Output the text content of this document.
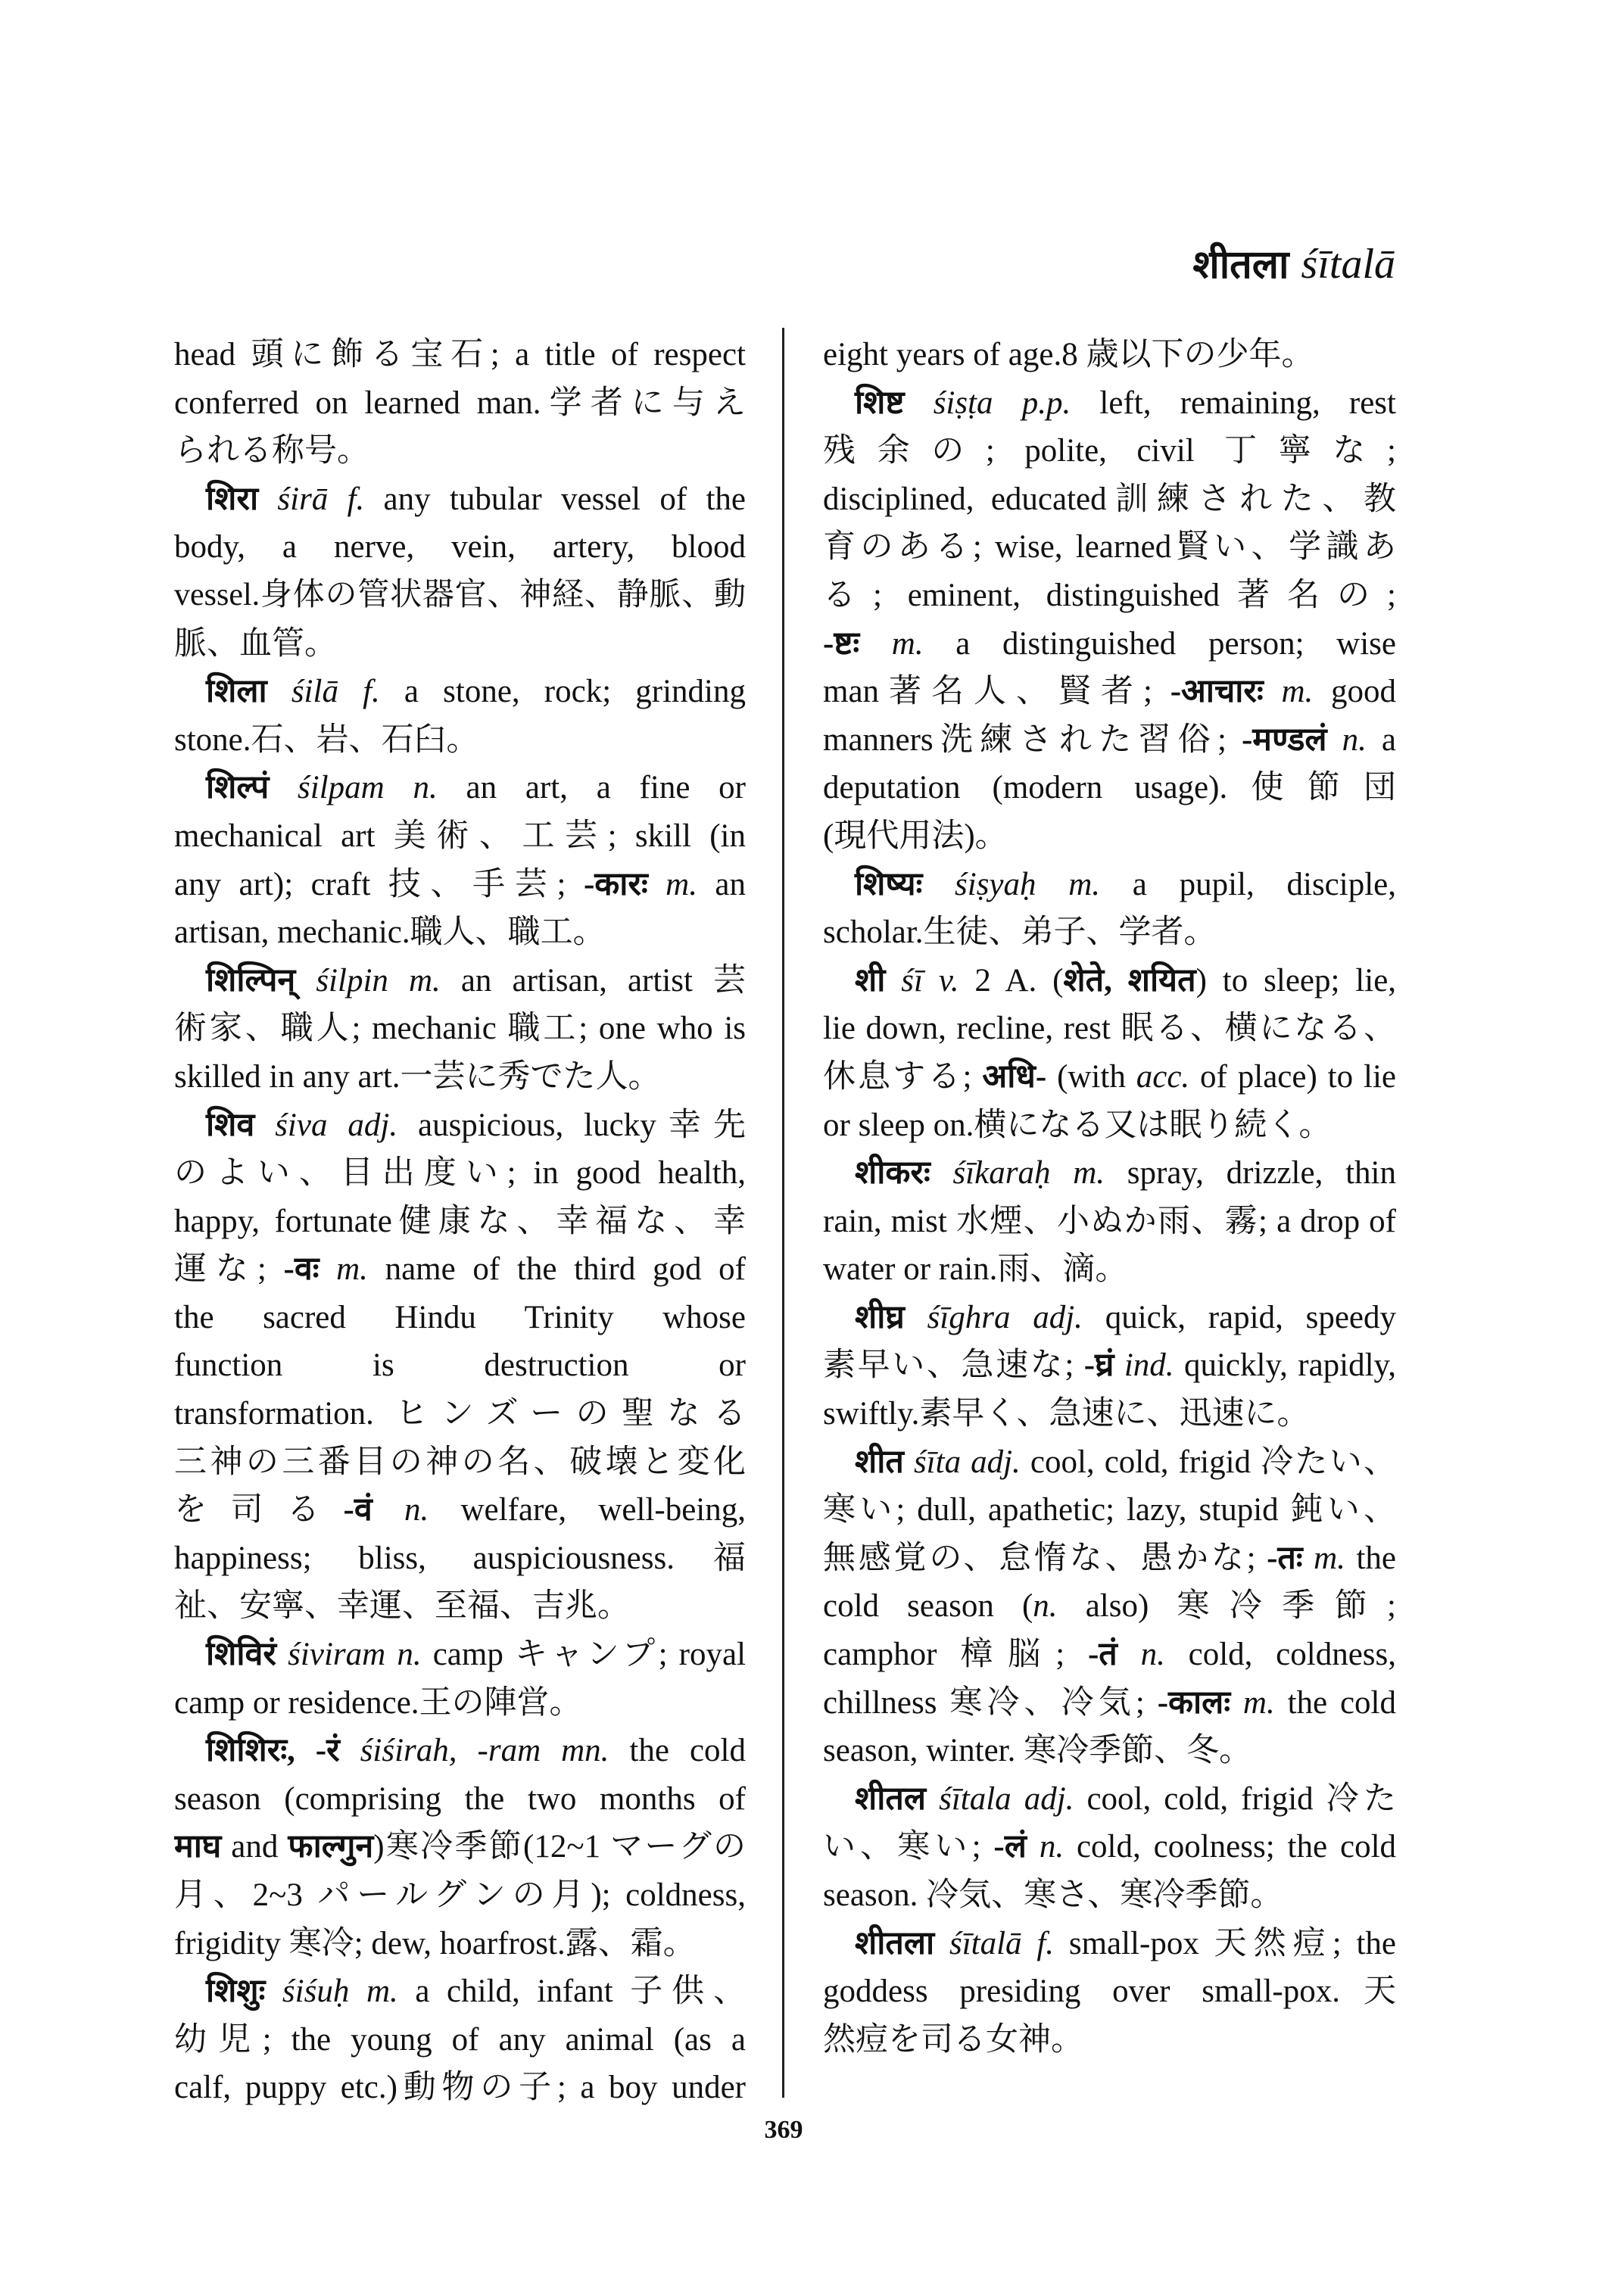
शीतला śītalā
head 頭に飾る宝石; a title of respect
conferred on learned man.学者に与え
られる称号。
शिरा śirā f. any tubular vessel of the
body, a nerve, vein, artery, blood
vessel.身体の管状器官、神経、静脈、動
脈、血管。
शिला śilā f. a stone, rock; grinding
stone.石、岩、石臼。
शिल्पं śilpam n. an art, a fine or
mechanical art 美術、工芸; skill (in
any art); craft 技、手芸; -कारः m. an
artisan, mechanic.職人、職工。
शिल्पिन् śilpin m. an artisan, artist 芸
術家、職人; mechanic 職工; one who is
skilled in any art.一芸に秀でた人。
शिव śiva adj. auspicious, lucky幸先
のよい、目出度い; in good health,
happy, fortunate健康な、幸福な、幸
運な; -वः m. name of the third god of
the sacred Hindu Trinity whose
function is destruction or
transformation. ヒンズーの聖なる
三神の三番目の神の名、破壊と変化
を司る-वं n. welfare, well-being,
happiness; bliss, auspiciousness.福
祉、安寧、幸運、至福、吉兆。
शिविरं śiviram n. camp キャンプ; royal
camp or residence.王の陣営。
शिशिरः, -रं śiśirah, -ram mn. the cold
season (comprising the two months of
माघ and फाल्गुन)寒冷季節(12~1 マーグの
月、2~3 パールグンの月); coldness,
frigidity 寒冷; dew, hoarfrost.露、霜。
शिशुः śiśuḥ m. a child, infant 子供、
幼児; the young of any animal (as a
calf, puppy etc.)動物の子; a boy under
eight years of age.8 歳以下の少年。
शिष्ट śiṣṭa p.p. left, remaining, rest
残余の; polite, civil 丁寧な;
disciplined, educated訓練された、教
育のある; wise, learned賢い、学識あ
る; eminent, distinguished著名の;
-ष्टः m. a distinguished person; wise
man著名人、賢者; -आचारः m. good
manners洗練された習俗; -मण्डलं n. a
deputation (modern usage).使節団
(現代用法)。
शिष्यः śiṣyaḥ m. a pupil, disciple,
scholar.生徒、弟子、学者。
शी śī v. 2 A. (शेते, शयित) to sleep; lie,
lie down, recline, rest 眠る、横になる、
休息する; अधि- (with acc. of place) to lie
or sleep on.横になる又は眠り続く。
शीकरः śīkaraḥ m. spray, drizzle, thin
rain, mist 水煙、小ぬか雨、霧; a drop of
water or rain.雨、滴。
शीघ्र śīghra adj. quick, rapid, speedy
素早い、急速な; -घ्रं ind. quickly, rapidly,
swiftly.素早く、急速に、迅速に。
शीत śīta adj. cool, cold, frigid 冷たい、
寒い; dull, apathetic; lazy, stupid 鈍い、
無感覚の、怠惰な、愚かな; -तः m. the
cold season (n. also) 寒冷季節;
camphor 樟脳; -तं n. cold, coldness,
chillness 寒冷、冷気; -कालः m. the cold
season, winter. 寒冷季節、冬。
शीतल śītala adj. cool, cold, frigid 冷た
い、寒い; -लं n. cold, coolness; the cold
season. 冷気、寒さ、寒冷季節。
शीतला śītalā f. small-pox 天然痘; the
goddess presiding over small-pox.天
然痘を司る女神。
369
